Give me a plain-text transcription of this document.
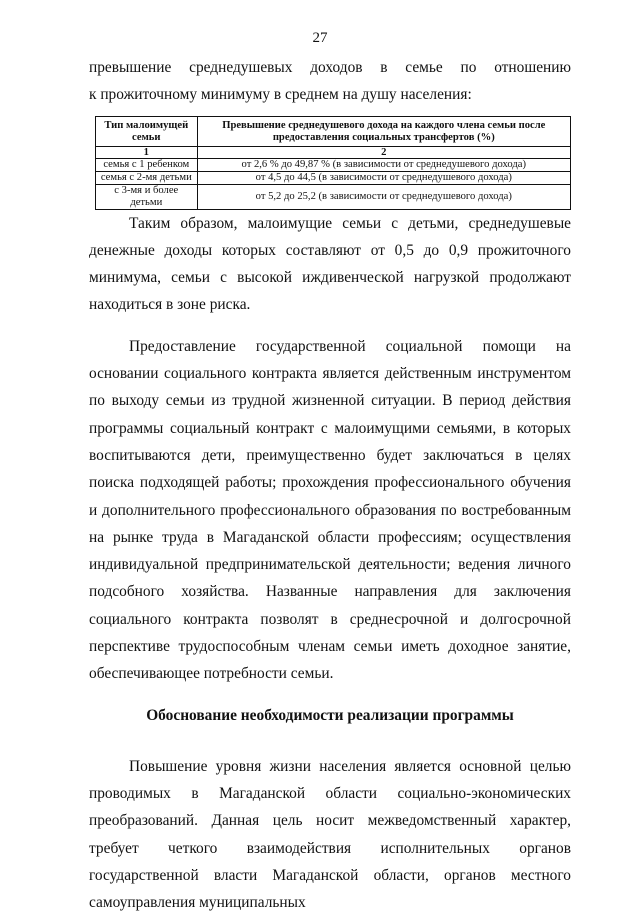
27

превышение среднедушевых доходов в семье по отношению

к прожиточному минимуму в среднем на душу населения:

Тип малоимущей семьи	Превышение среднедушевого дохода на каждого члена семьи после предоставления социальных трансфертов (%)
1	2
семья с 1 ребенком	от 2,6 % до 49,87 % (в зависимости от среднедушевого дохода)
семья с 2-мя детьми	от 4,5 до 44,5 (в зависимости от среднедушевого дохода)
с 3-мя и более детьми	от 5,2 до 25,2 (в зависимости от среднедушевого дохода)

Таким образом, малоимущие семьи с детьми, среднедушевые денежные доходы которых составляют от 0,5 до 0,9 прожиточного минимума, семьи с высокой иждивенческой нагрузкой продолжают находиться в зоне риска.

Предоставление государственной социальной помощи на основании социального контракта является действенным инструментом по выходу семьи из трудной жизненной ситуации. В период действия программы социальный контракт с малоимущими семьями, в которых воспитываются дети, преимущественно будет заключаться в целях поиска подходящей работы; прохождения профессионального обучения и дополнительного профессионального образования по востребованным на рынке труда в Магаданской области профессиям; осуществления индивидуальной предпринимательской деятельности; ведения личного подсобного хозяйства. Названные направления для заключения социального контракта позволят в среднесрочной и долгосрочной перспективе трудоспособным членам семьи иметь доходное занятие, обеспечивающее потребности семьи.

Обоснование необходимости реализации программы

Повышение уровня жизни населения является основной целью проводимых в Магаданской области социально-экономических преобразований. Данная цель носит межведомственный характер, требует четкого взаимодействия исполнительных органов государственной власти Магаданской области, органов местного самоуправления муниципальных
